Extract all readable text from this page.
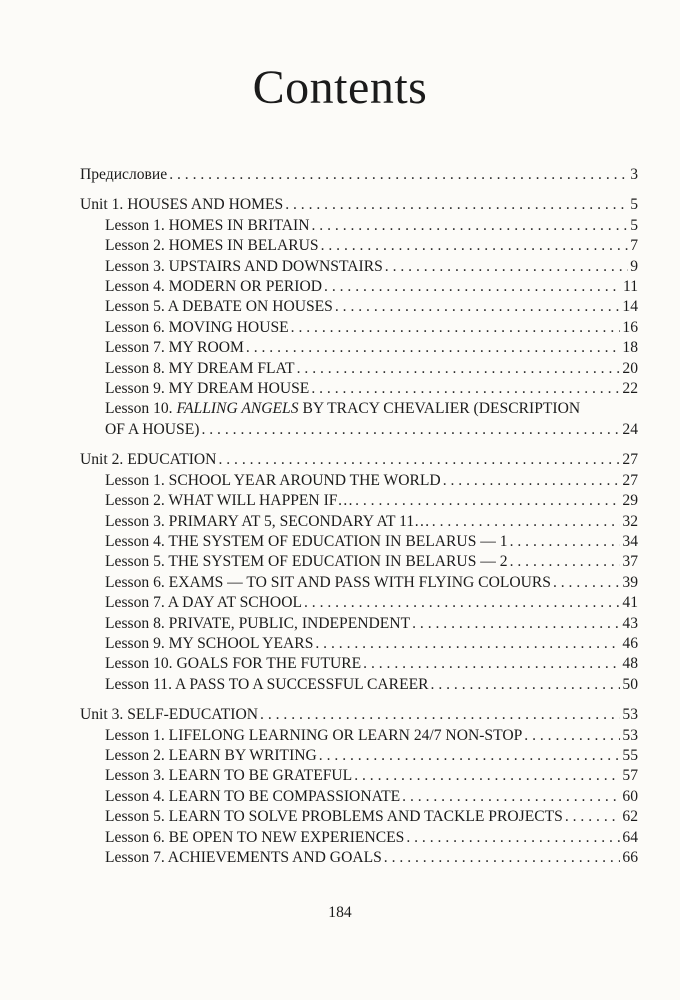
Contents
Предисловие . . .	3
Unit 1. HOUSES AND HOMES . . .	5
Lesson 1. HOMES IN BRITAIN . . .	5
Lesson 2. HOMES IN BELARUS . . .	7
Lesson 3. UPSTAIRS AND DOWNSTAIRS . . .	9
Lesson 4. MODERN OR PERIOD . . .	11
Lesson 5. A DEBATE ON HOUSES . . .	14
Lesson 6. MOVING HOUSE . . .	16
Lesson 7. MY ROOM . . .	18
Lesson 8. MY DREAM FLAT . . .	20
Lesson 9. MY DREAM HOUSE . . .	22
Lesson 10. FALLING ANGELS BY TRACY CHEVALIER (DESCRIPTION
OF A HOUSE) . . .	24
Unit 2. EDUCATION . . .	27
Lesson 1. SCHOOL YEAR AROUND THE WORLD . . .	27
Lesson 2. WHAT WILL HAPPEN IF… . . .	29
Lesson 3. PRIMARY AT 5, SECONDARY AT 11… . . .	32
Lesson 4. THE SYSTEM OF EDUCATION IN BELARUS — 1 . . .	34
Lesson 5. THE SYSTEM OF EDUCATION IN BELARUS — 2 . . .	37
Lesson 6. EXAMS — TO SIT AND PASS WITH FLYING COLOURS . . .	39
Lesson 7. A DAY AT SCHOOL . . .	41
Lesson 8. PRIVATE, PUBLIC, INDEPENDENT . . .	43
Lesson 9. MY SCHOOL YEARS . . .	46
Lesson 10. GOALS FOR THE FUTURE . . .	48
Lesson 11. A PASS TO A SUCCESSFUL CAREER . . .	50
Unit 3. SELF-EDUCATION . . .	53
Lesson 1. LIFELONG LEARNING OR LEARN 24/7 NON-STOP . . .	53
Lesson 2. LEARN BY WRITING . . .	55
Lesson 3. LEARN TO BE GRATEFUL . . .	57
Lesson 4. LEARN TO BE COMPASSIONATE . . .	60
Lesson 5. LEARN TO SOLVE PROBLEMS AND TACKLE PROJECTS . . .	62
Lesson 6. BE OPEN TO NEW EXPERIENCES . . .	64
Lesson 7. ACHIEVEMENTS AND GOALS . . .	66
184
